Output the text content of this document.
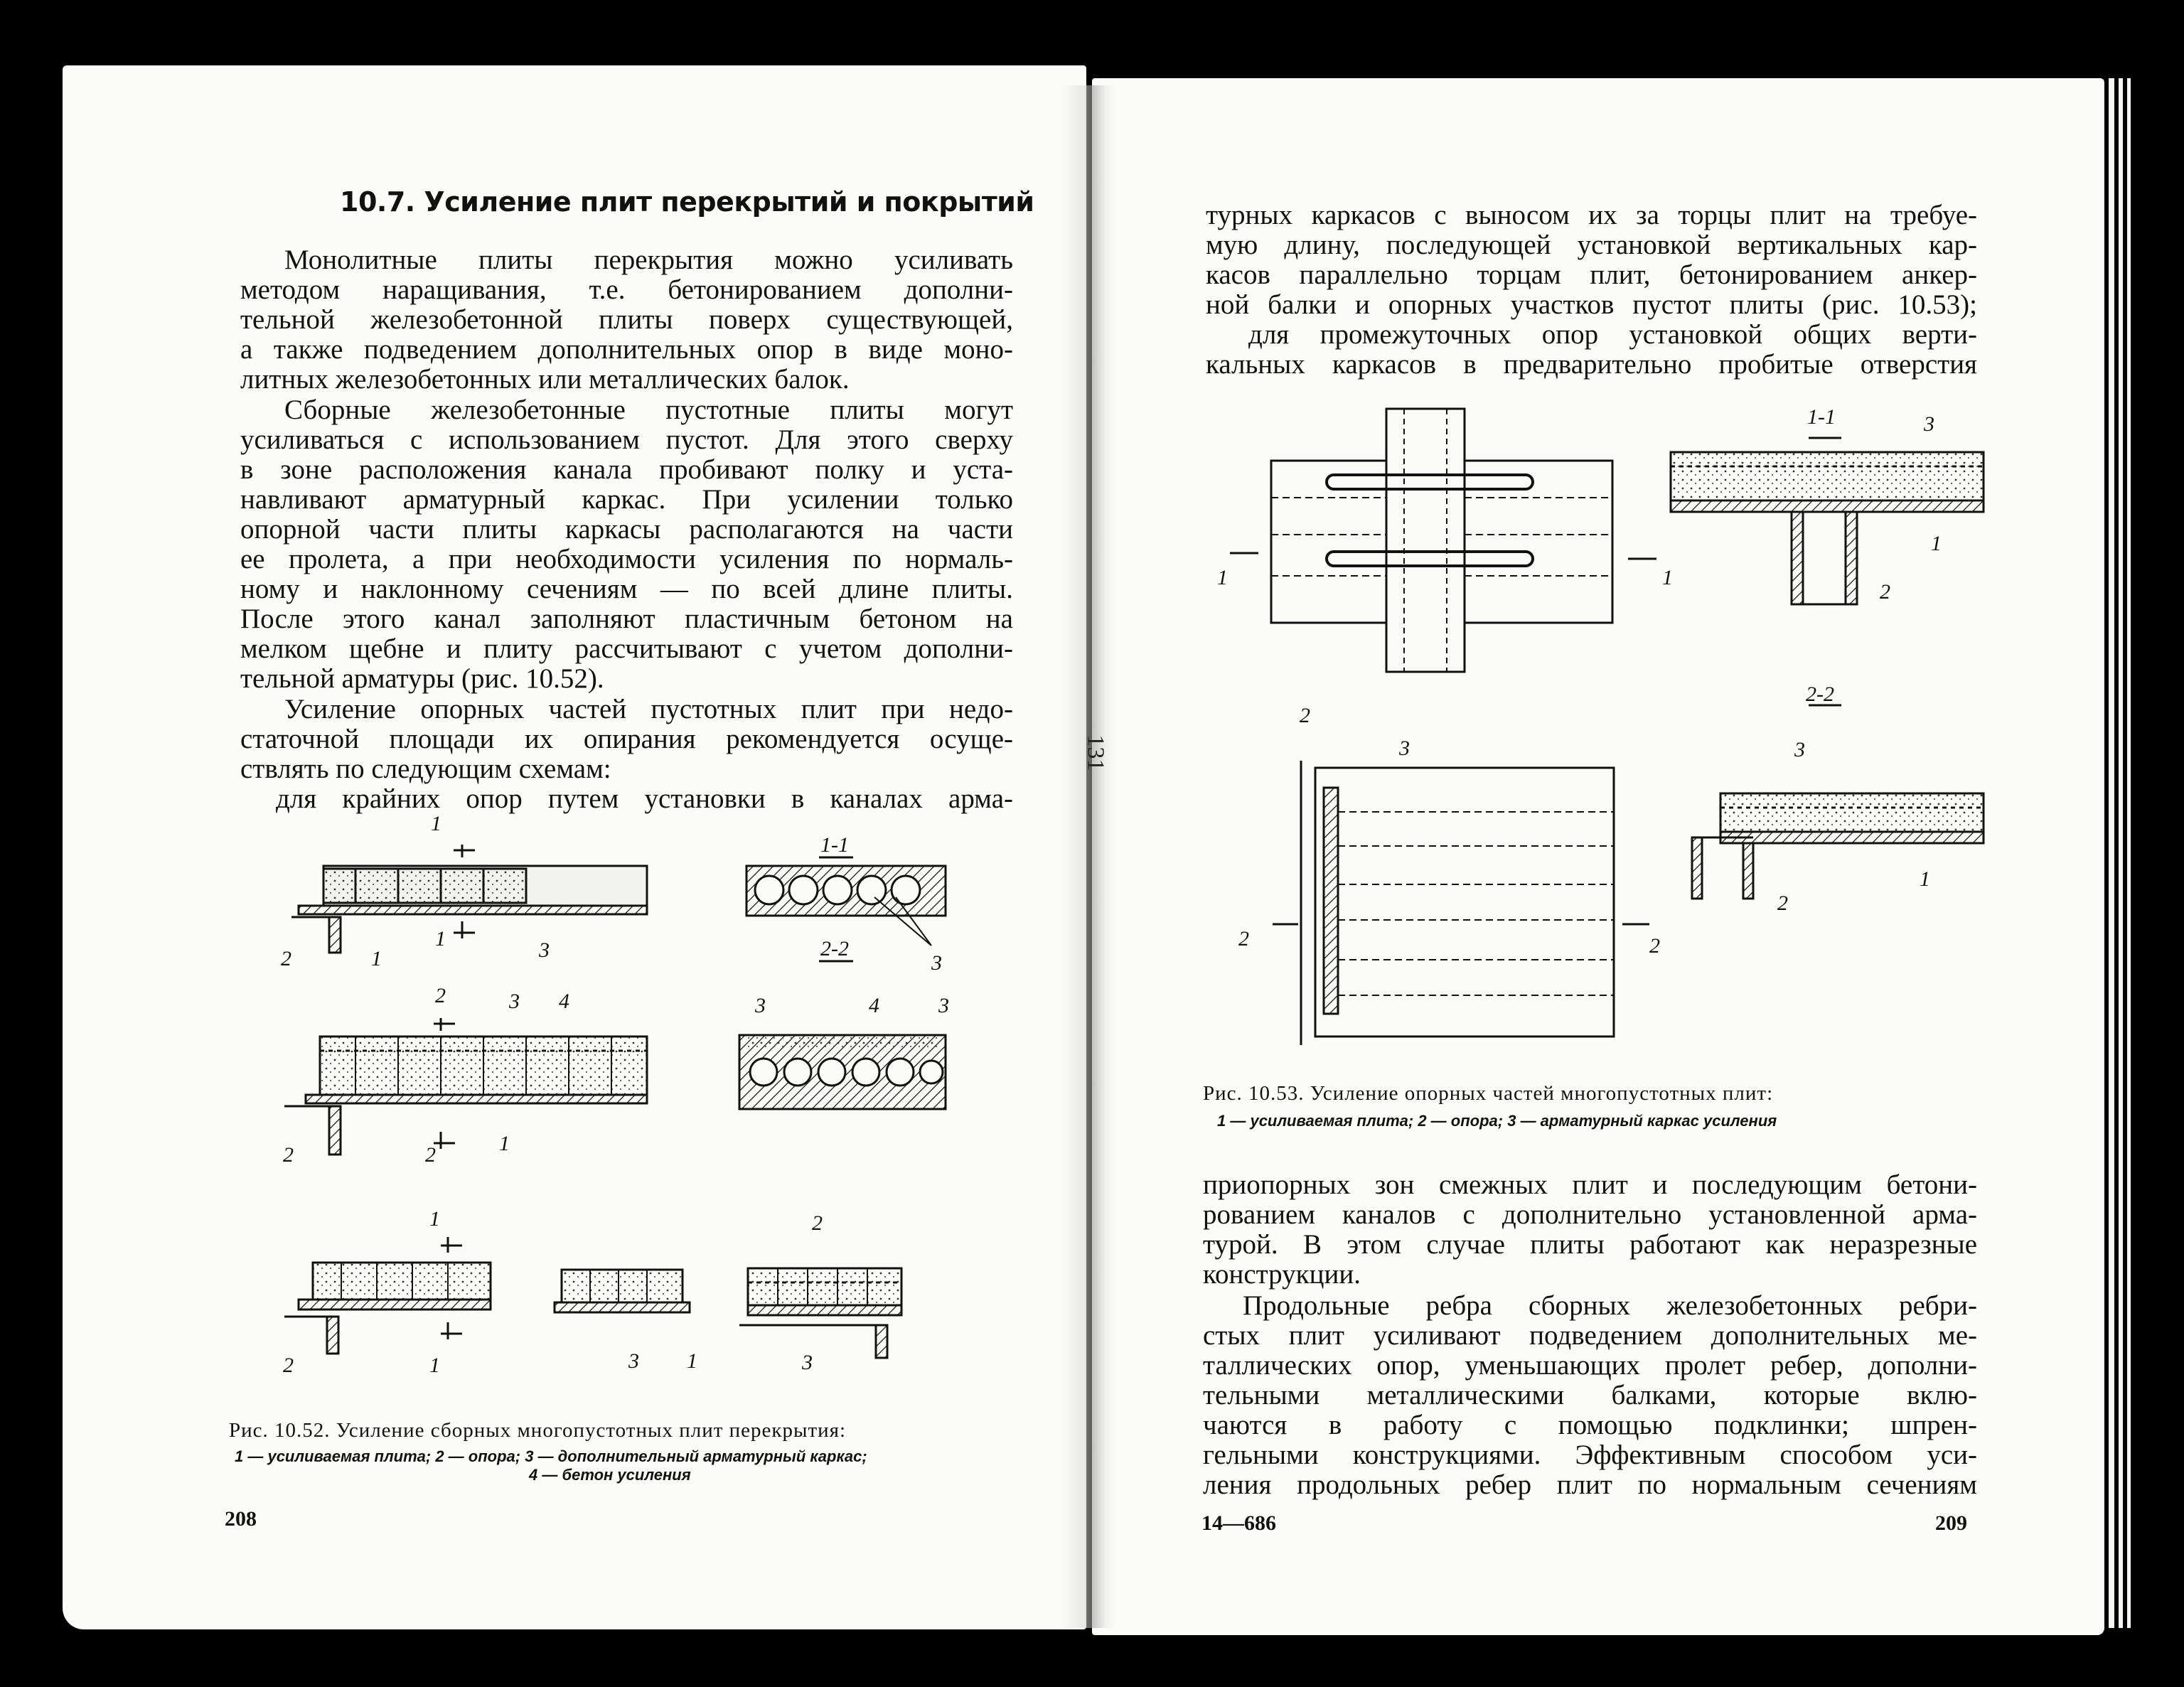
131
10.7. Усиление плит перекрытий и покрытий
Монолитные плиты перекрытия можно усиливать
методом наращивания, т.е. бетонированием дополни-
тельной железобетонной плиты поверх существующей,
а также подведением дополнительных опор в виде моно-
литных железобетонных или металлических балок.
Сборные железобетонные пустотные плиты могут
усиливаться с использованием пустот. Для этого сверху
в зоне расположения канала пробивают полку и уста-
навливают арматурный каркас. При усилении только
опорной части плиты каркасы располагаются на части
ее пролета, а при необходимости усиления по нормаль-
ному и наклонному сечениям — по всей длине плиты.
После этого канал заполняют пластичным бетоном на
мелком щебне и плиту рассчитывают с учетом дополни-
тельной арматуры (рис. 10.52).
Усиление опорных частей пустотных плит при недо-
статочной площади их опирания рекомендуется осуще-
ствлять по следующим схемам:
для крайних опор путем установки в каналах арма-
1
1
2	1	3
1-1
3
2	3 4
2-2
3	4	3
2	2	1
1
2	1	3 1
2
3
Рис. 10.52. Усиление сборных многопустотных плит перекрытия:
1 — усиливаемая плита; 2 — опора; 3 — дополнительный арматурный каркас;
4 — бетон усиления
208
турных каркасов с выносом их за торцы плит на требуе-
мую длину, последующей установкой вертикальных кар-
касов параллельно торцам плит, бетонированием анкер-
ной балки и опорных участков пустот плиты (рис. 10.53);
для промежуточных опор установкой общих верти-
кальных каркасов в предварительно пробитые отверстия
1	1
1-1	3
1
2
2
3
2	2
2-2
3
1
2
Рис. 10.53. Усиление опорных частей многопустотных плит:
1 — усиливаемая плита; 2 — опора; 3 — арматурный каркас усиления
приопорных зон смежных плит и последующим бетони-
рованием каналов с дополнительно установленной арма-
турой. В этом случае плиты работают как неразрезные
конструкции.
Продольные ребра сборных железобетонных ребри-
стых плит усиливают подведением дополнительных ме-
таллических опор, уменьшающих пролет ребер, дополни-
тельными металлическими балками, которые вклю-
чаются в работу с помощью подклинки; шпрен-
гельными конструкциями. Эффективным способом уси-
ления продольных ребер плит по нормальным сечениям
14—686	209
